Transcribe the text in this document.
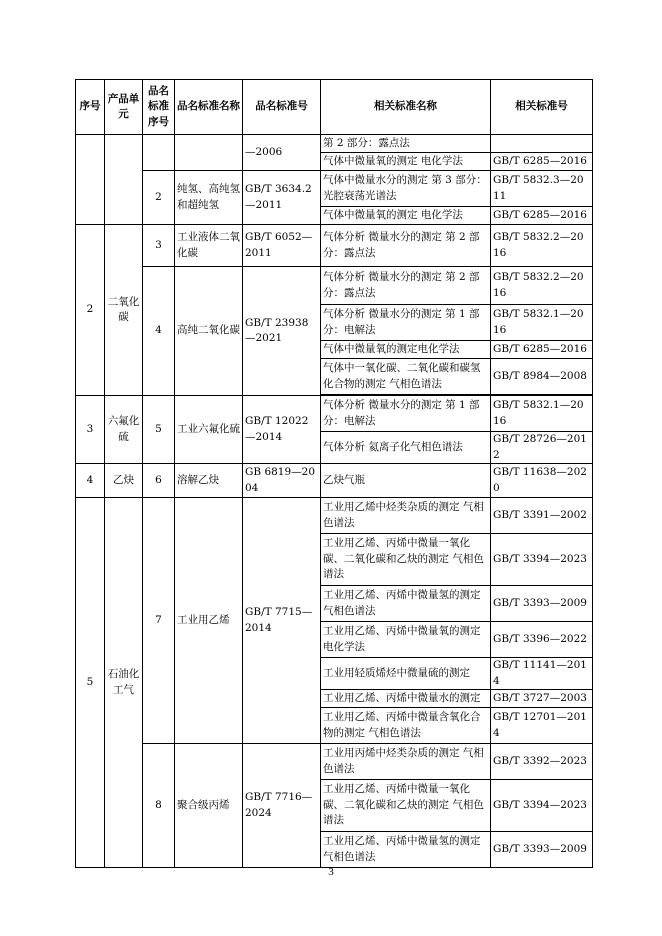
序号	产品单元	品名标准序号	品名标准名称	品名标准号	相关标准名称	相关标准号
				—2006	第 2 部分：露点法	
					气体中微量氧的测定 电化学法	GB/T 6285—2016
		2	纯氢、高纯氢和超纯氢	GB/T 3634.2—2011	气体中微量水分的测定 第 3 部分：光腔衰荡光谱法	GB/T 5832.3—2011
					气体中微量氧的测定 电化学法	GB/T 6285—2016
2	二氧化碳	3	工业液体二氧化碳	GB/T 6052—2011	气体分析 微量水分的测定 第 2 部分：露点法	GB/T 5832.2—2016
		4	高纯二氧化碳	GB/T 23938—2021	气体分析 微量水分的测定 第 2 部分：露点法	GB/T 5832.2—2016
					气体分析 微量水分的测定 第 1 部分：电解法	GB/T 5832.1—2016
					气体中微量氧的测定电化学法	GB/T 6285—2016
					气体中一氧化碳、二氧化碳和碳氢化合物的测定 气相色谱法	GB/T 8984—2008

3	六氟化硫	5	工业六氟化硫	GB/T 12022—2014	气体分析 微量水分的测定 第 1 部分：电解法	GB/T 5832.1—2016
					气体分析 氦离子化气相色谱法	GB/T 28726—2012
4	乙炔	6	溶解乙炔	GB 6819—2004	乙炔气瓶	GB/T 11638—2020
5	石油化工气	7	工业用乙烯	GB/T 7715—2014	工业用乙烯中烃类杂质的测定 气相色谱法	GB/T 3391—2002
					工业用乙烯、丙烯中微量一氧化碳、二氧化碳和乙炔的测定 气相色谱法	GB/T 3394—2023
					工业用乙烯、丙烯中微量氢的测定 气相色谱法	GB/T 3393—2009
					工业用乙烯、丙烯中微量氧的测定 电化学法	GB/T 3396—2022
					工业用轻质烯烃中微量硫的测定	GB/T 11141—2014
					工业用乙烯、丙烯中微量水的测定	GB/T 3727—2003
					工业用乙烯、丙烯中微量含氧化合物的测定 气相色谱法	GB/T 12701—2014
		8	聚合级丙烯	GB/T 7716—2024	工业用丙烯中烃类杂质的测定 气相色谱法	GB/T 3392—2023
					工业用乙烯、丙烯中微量一氧化碳、二氧化碳和乙炔的测定 气相色谱法	GB/T 3394—2023
					工业用乙烯、丙烯中微量氢的测定 气相色谱法	GB/T 3393—2009
3
